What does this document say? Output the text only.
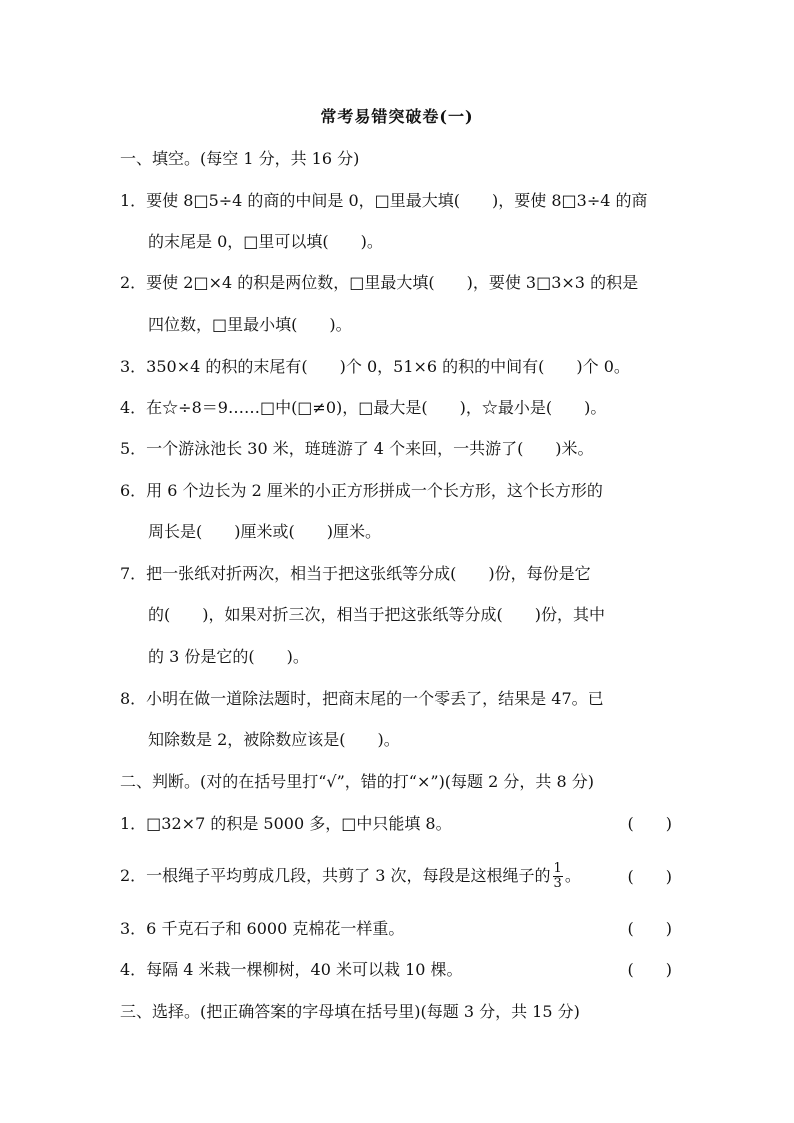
常考易错突破卷(一)
一、填空。(每空 1 分，共 16 分)
1．要使 8□5÷4 的商的中间是 0，□里最大填(　　)，要使 8□3÷4 的商
的末尾是 0，□里可以填(　　)。
2．要使 2□×4 的积是两位数，□里最大填(　　)，要使 3□3×3 的积是
四位数，□里最小填(　　)。
3．350×4 的积的末尾有(　　)个 0，51×6 的积的中间有(　　)个 0。
4．在☆÷8＝9……□中(□≠0)，□最大是(　　)，☆最小是(　　)。
5．一个游泳池长 30 米，琏琏游了 4 个来回，一共游了(　　)米。
6．用 6 个边长为 2 厘米的小正方形拼成一个长方形，这个长方形的
周长是(　　)厘米或(　　)厘米。
7．把一张纸对折两次，相当于把这张纸等分成(　　)份，每份是它
的(　　)，如果对折三次，相当于把这张纸等分成(　　)份，其中
的 3 份是它的(　　)。
8．小明在做一道除法题时，把商末尾的一个零丢了，结果是 47。已
知除数是 2，被除数应该是(　　)。
二、判断。(对的在括号里打“√”，错的打“×”)(每题 2 分，共 8 分)
1．□32×7 的积是 5000 多，□中只能填 8。	(　　)
2．一根绳子平均剪成几段，共剪了 3 次，每段是这根绳子的 $\frac{1}{3}$ 。	(　　)
3．6 千克石子和 6000 克棉花一样重。	(　　)
4．每隔 4 米栽一棵柳树，40 米可以栽 10 棵。	(　　)
三、选择。(把正确答案的字母填在括号里)(每题 3 分，共 15 分)
